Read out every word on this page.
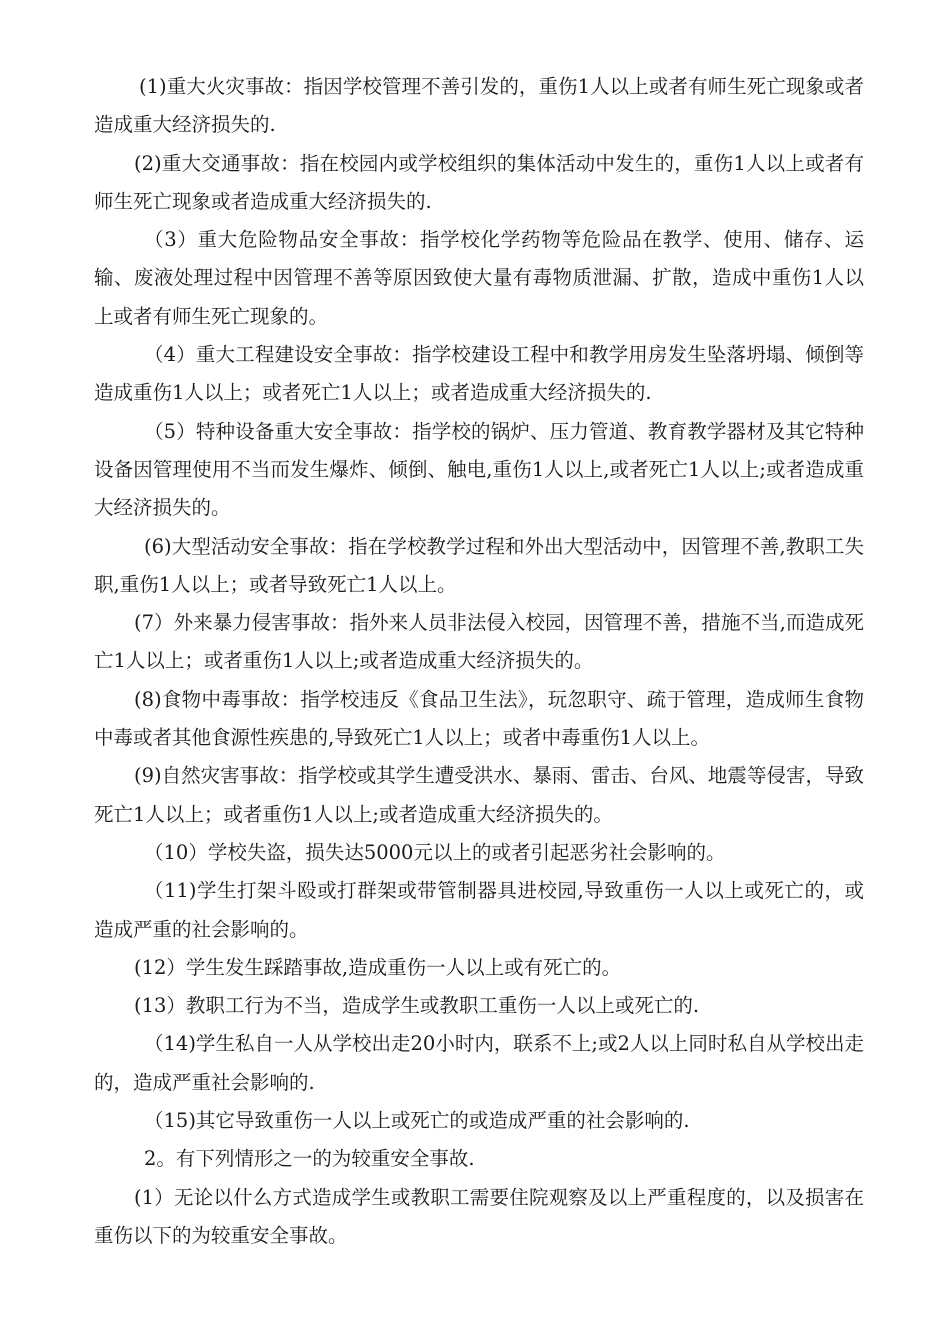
(1)重大火灾事故：指因学校管理不善引发的，重伤1人以上或者有师生死亡现象或者造成重大经济损失的.

(2)重大交通事故：指在校园内或学校组织的集体活动中发生的，重伤1人以上或者有师生死亡现象或者造成重大经济损失的.

（3）重大危险物品安全事故：指学校化学药物等危险品在教学、使用、储存、运输、废液处理过程中因管理不善等原因致使大量有毒物质泄漏、扩散，造成中重伤1人以上或者有师生死亡现象的。

（4）重大工程建设安全事故：指学校建设工程中和教学用房发生坠落坍塌、倾倒等造成重伤1人以上；或者死亡1人以上；或者造成重大经济损失的.

（5）特种设备重大安全事故：指学校的锅炉、压力管道、教育教学器材及其它特种设备因管理使用不当而发生爆炸、倾倒、触电,重伤1人以上,或者死亡1人以上;或者造成重大经济损失的。

(6)大型活动安全事故：指在学校教学过程和外出大型活动中，因管理不善,教职工失职,重伤1人以上；或者导致死亡1人以上。

(7）外来暴力侵害事故：指外来人员非法侵入校园，因管理不善，措施不当,而造成死亡1人以上；或者重伤1人以上;或者造成重大经济损失的。

(8)食物中毒事故：指学校违反《食品卫生法》，玩忽职守、疏于管理，造成师生食物中毒或者其他食源性疾患的,导致死亡1人以上；或者中毒重伤1人以上。

(9)自然灾害事故：指学校或其学生遭受洪水、暴雨、雷击、台风、地震等侵害，导致死亡1人以上；或者重伤1人以上;或者造成重大经济损失的。

（10）学校失盗，损失达5000元以上的或者引起恶劣社会影响的。

（11)学生打架斗殴或打群架或带管制器具进校园,导致重伤一人以上或死亡的，或造成严重的社会影响的。

(12）学生发生踩踏事故,造成重伤一人以上或有死亡的。

(13）教职工行为不当，造成学生或教职工重伤一人以上或死亡的.

（14)学生私自一人从学校出走20小时内，联系不上;或2人以上同时私自从学校出走的，造成严重社会影响的.

（15)其它导致重伤一人以上或死亡的或造成严重的社会影响的.

2。有下列情形之一的为较重安全事故.

(1）无论以什么方式造成学生或教职工需要住院观察及以上严重程度的，以及损害在重伤以下的为较重安全事故。
